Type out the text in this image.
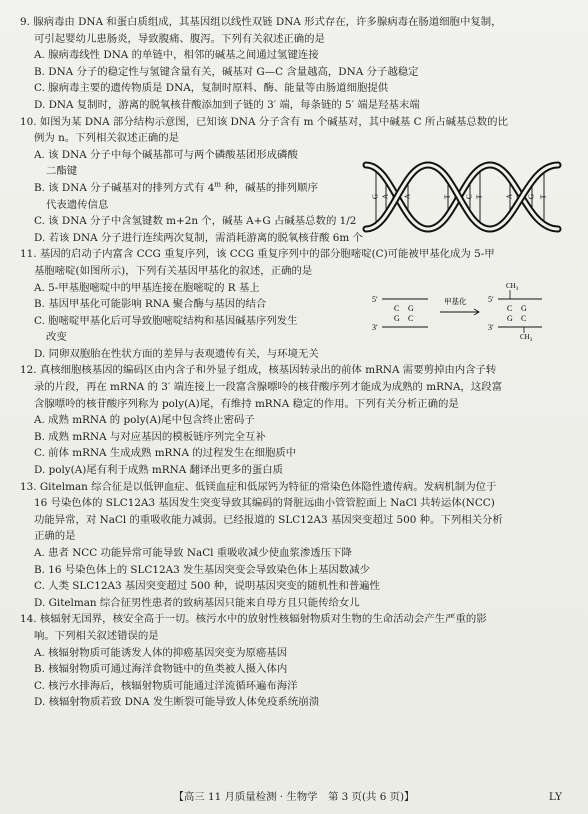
9. 腺病毒由 DNA 和蛋白质组成，其基因组以线性双链 DNA 形式存在，许多腺病毒在肠道细胞中复制，
可引起婴幼儿患肠炎，导致腹痛、腹泻。下列有关叙述正确的是
A. 腺病毒线性 DNA 的单链中，相邻的碱基之间通过氢键连接
B. DNA 分子的稳定性与氢键含量有关，碱基对 G—C 含量越高，DNA 分子越稳定
C. 腺病毒主要的遗传物质是 DNA，复制时原料、酶、能量等由肠道细胞提供
D. DNA 复制时，游离的脱氧核苷酸添加到子链的 3′ 端，每条链的 5′ 端是羟基末端
10. 如图为某 DNA 部分结构示意图，已知该 DNA 分子含有 m 个碱基对，其中碱基 C 所占碱基总数的比
例为 n。下列相关叙述正确的是
G A C A	T G C T	A C G T
A. 该 DNA 分子中每个碱基都可与两个磷酸基团形成磷酸
二酯键
B. 该 DNA 分子碱基对的排列方式有 4$^m$ 种，碱基的排列顺序
代表遗传信息
C. 该 DNA 分子中含氢键数 m+2n 个，碱基 A+G 占碱基总数的 1/2
D. 若该 DNA 分子进行连续两次复制，需消耗游离的脱氧核苷酸 6m 个
11. 基因的启动子内富含 CCG 重复序列，该 CCG 重复序列中的部分胞嘧啶(C)可能被甲基化成为 5-甲
基胞嘧啶(如图所示)，下列有关基因甲基化的叙述，正确的是
5′
C G
G C
3′
甲基化
$CH_3$
5′
C G
G C
3′
$CH_3$
A. 5-甲基胞嘧啶中的甲基连接在胞嘧啶的 R 基上
B. 基因甲基化可能影响 RNA 聚合酶与基因的结合
C. 胞嘧啶甲基化后可导致胞嘧啶结构和基因碱基序列发生
改变
D. 同卵双胞胎在性状方面的差异与表观遗传有关，与环境无关
12. 真核细胞核基因的编码区由内含子和外显子组成，核基因转录出的前体 mRNA 需要剪掉由内含子转
录的片段，再在 mRNA 的 3′ 端连接上一段富含腺嘌呤的核苷酸序列才能成为成熟的 mRNA，这段富
含腺嘌呤的核苷酸序列称为 poly(A)尾，有维持 mRNA 稳定的作用。下列有关分析正确的是
A. 成熟 mRNA 的 poly(A)尾中包含终止密码子
B. 成熟 mRNA 与对应基因的模板链序列完全互补
C. 前体 mRNA 生成成熟 mRNA 的过程发生在细胞质中
D. poly(A)尾有利于成熟 mRNA 翻译出更多的蛋白质
13. Gitelman 综合征是以低钾血症、低镁血症和低尿钙为特征的常染色体隐性遗传病。发病机制为位于
16 号染色体的 SLC12A3 基因发生突变导致其编码的肾脏远曲小管管腔面上 NaCl 共转运体(NCC)
功能异常，对 NaCl 的重吸收能力减弱。已经报道的 SLC12A3 基因突变超过 500 种。下列相关分析
正确的是
A. 患者 NCC 功能异常可能导致 NaCl 重吸收减少使血浆渗透压下降
B. 16 号染色体上的 SLC12A3 发生基因突变会导致染色体上基因数减少
C. 人类 SLC12A3 基因突变超过 500 种，说明基因突变的随机性和普遍性
D. Gitelman 综合征男性患者的致病基因只能来自母方且只能传给女儿
14. 核辐射无国界，核安全高于一切。核污水中的放射性核辐射物质对生物的生命活动会产生严重的影
响。下列相关叙述错误的是
A. 核辐射物质可能诱发人体的抑癌基因突变为原癌基因
B. 核辐射物质可通过海洋食物链中的鱼类被人摄入体内
C. 核污水排海后，核辐射物质可能通过洋流循环遍布海洋
D. 核辐射物质若致 DNA 发生断裂可能导致人体免疫系统崩溃
【高三 11 月质量检测 · 生物学　第 3 页(共 6 页)】	LY
